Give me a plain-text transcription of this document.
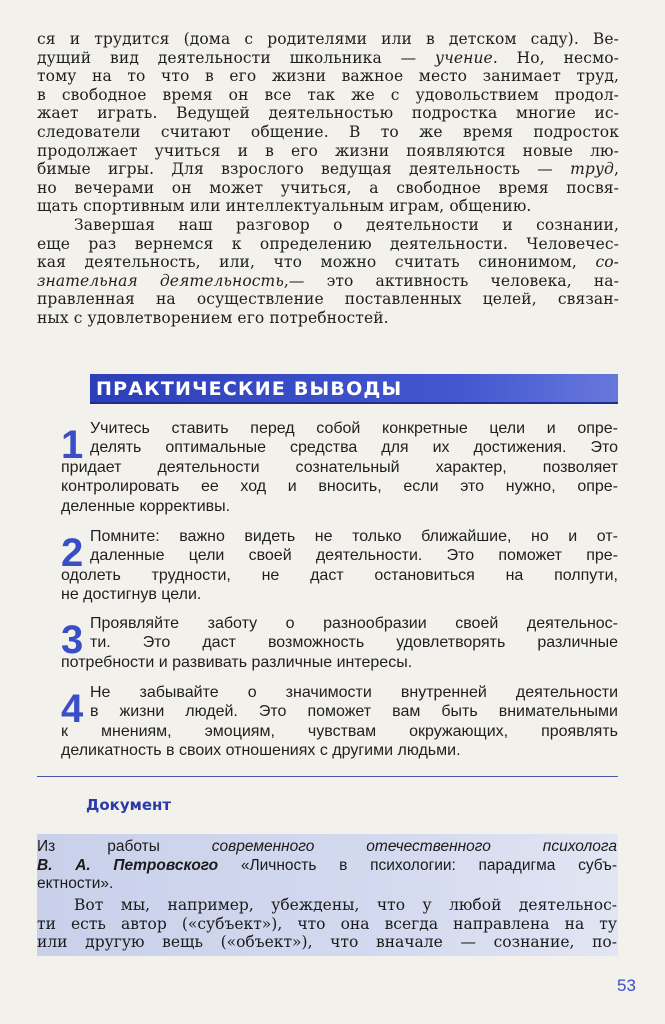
ся и трудится (дома с родителями или в детском саду). Ве-
дущий вид деятельности школьника — учение. Но, несмо-
тому на то что в его жизни важное место занимает труд,
в свободное время он все так же с удовольствием продол-
жает играть. Ведущей деятельностью подростка многие ис-
следователи считают общение. В то же время подросток
продолжает учиться и в его жизни появляются новые лю-
бимые игры. Для взрослого ведущая деятельность — труд,
но вечерами он может учиться, а свободное время посвя-
щать спортивным или интеллектуальным играм, общению.

Завершая наш разговор о деятельности и сознании,
еще раз вернемся к определению деятельности. Человечес-
кая деятельность, или, что можно считать синонимом, со-
знательная деятельность,— это активность человека, на-
правленная на осуществление поставленных целей, связан-
ных с удовлетворением его потребностей.

ПРАКТИЧЕСКИЕ ВЫВОДЫ
1 Учитесь ставить перед собой конкретные цели и опре-
делять оптимальные средства для их достижения. Это
придает деятельности сознательный характер, позволяет
контролировать ее ход и вносить, если это нужно, опре-
деленные коррективы.
2 Помните: важно видеть не только ближайшие, но и от-
даленные цели своей деятельности. Это поможет пре-
одолеть трудности, не даст остановиться на полпути,
не достигнув цели.
3 Проявляйте заботу о разнообразии своей деятельнос-
ти. Это даст возможность удовлетворять различные
потребности и развивать различные интересы.
4 Не забывайте о значимости внутренней деятельности
в жизни людей. Это поможет вам быть внимательными
к мнениям, эмоциям, чувствам окружающих, проявлять
деликатность в своих отношениях с другими людьми.
Документ
Из работы современного отечественного психолога
В. А. Петровского «Личность в психологии: парадигма субъ-
ектности».
Вот мы, например, убеждены, что у любой деятельнос-
ти есть автор («субъект»), что она всегда направлена на ту
или другую вещь («объект»), что вначале — сознание, по-
53
